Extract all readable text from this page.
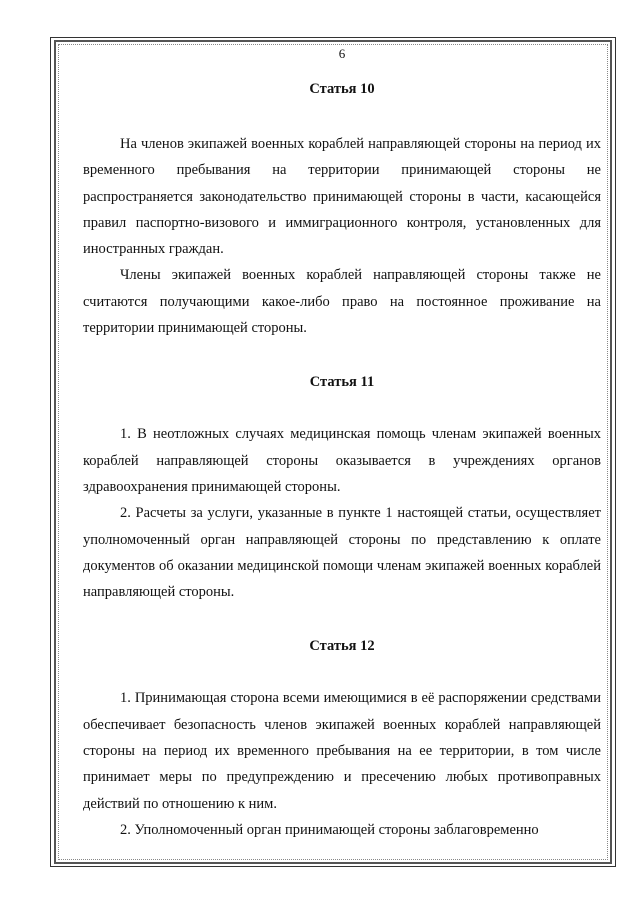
6

Статья 10

На членов экипажей военных кораблей направляющей стороны на период их временного пребывания на территории принимающей стороны не распространяется законодательство принимающей стороны в части, касающейся правил паспортно-визового и иммиграционного контроля, установленных для иностранных граждан.

Члены экипажей военных кораблей направляющей стороны также не считаются получающими какое-либо право на постоянное проживание на территории принимающей стороны.

Статья 11

1. В неотложных случаях медицинская помощь членам экипажей военных кораблей направляющей стороны оказывается в учреждениях органов здравоохранения принимающей стороны.

2. Расчеты за услуги, указанные в пункте 1 настоящей статьи, осуществляет уполномоченный орган направляющей стороны по представлению к оплате документов об оказании медицинской помощи членам экипажей военных кораблей направляющей стороны.

Статья 12

1. Принимающая сторона всеми имеющимися в её распоряжении средствами обеспечивает безопасность членов экипажей военных кораблей направляющей стороны на период их временного пребывания на ее территории, в том числе принимает меры по предупреждению и пресечению любых противоправных действий по отношению к ним.

2. Уполномоченный орган принимающей стороны заблаговременно
